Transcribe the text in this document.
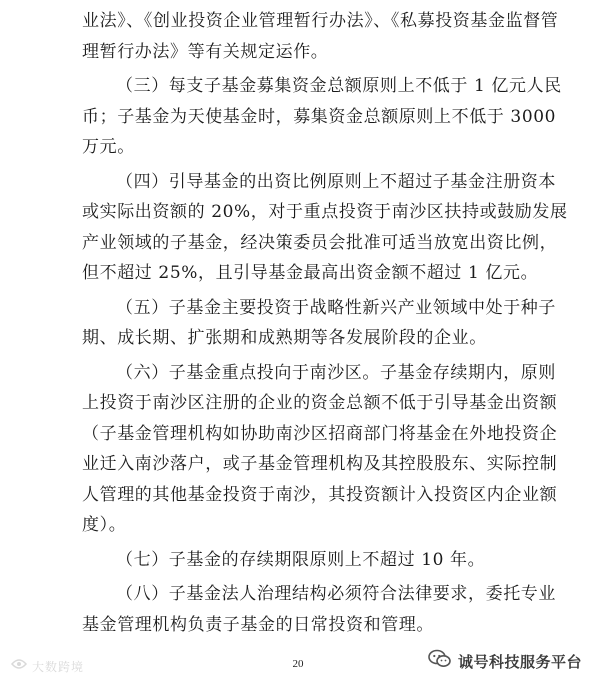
业法》、《创业投资企业管理暂行办法》、《私募投资基金监督管
理暂行办法》等有关规定运作。
（三）每支子基金募集资金总额原则上不低于 1 亿元人民
币；子基金为天使基金时，募集资金总额原则上不低于 3000
万元。
（四）引导基金的出资比例原则上不超过子基金注册资本
或实际出资额的 20%，对于重点投资于南沙区扶持或鼓励发展
产业领域的子基金，经决策委员会批准可适当放宽出资比例，
但不超过 25%，且引导基金最高出资金额不超过 1 亿元。
（五）子基金主要投资于战略性新兴产业领域中处于种子
期、成长期、扩张期和成熟期等各发展阶段的企业。
（六）子基金重点投向于南沙区。子基金存续期内，原则
上投资于南沙区注册的企业的资金总额不低于引导基金出资额
（子基金管理机构如协助南沙区招商部门将基金在外地投资企
业迁入南沙落户，或子基金管理机构及其控股股东、实际控制
人管理的其他基金投资于南沙，其投资额计入投资区内企业额
度）。
（七）子基金的存续期限原则上不超过 10 年。
（八）子基金法人治理结构必须符合法律要求，委托专业
基金管理机构负责子基金的日常投资和管理。
20
大数跨境	诚号科技服务平台
